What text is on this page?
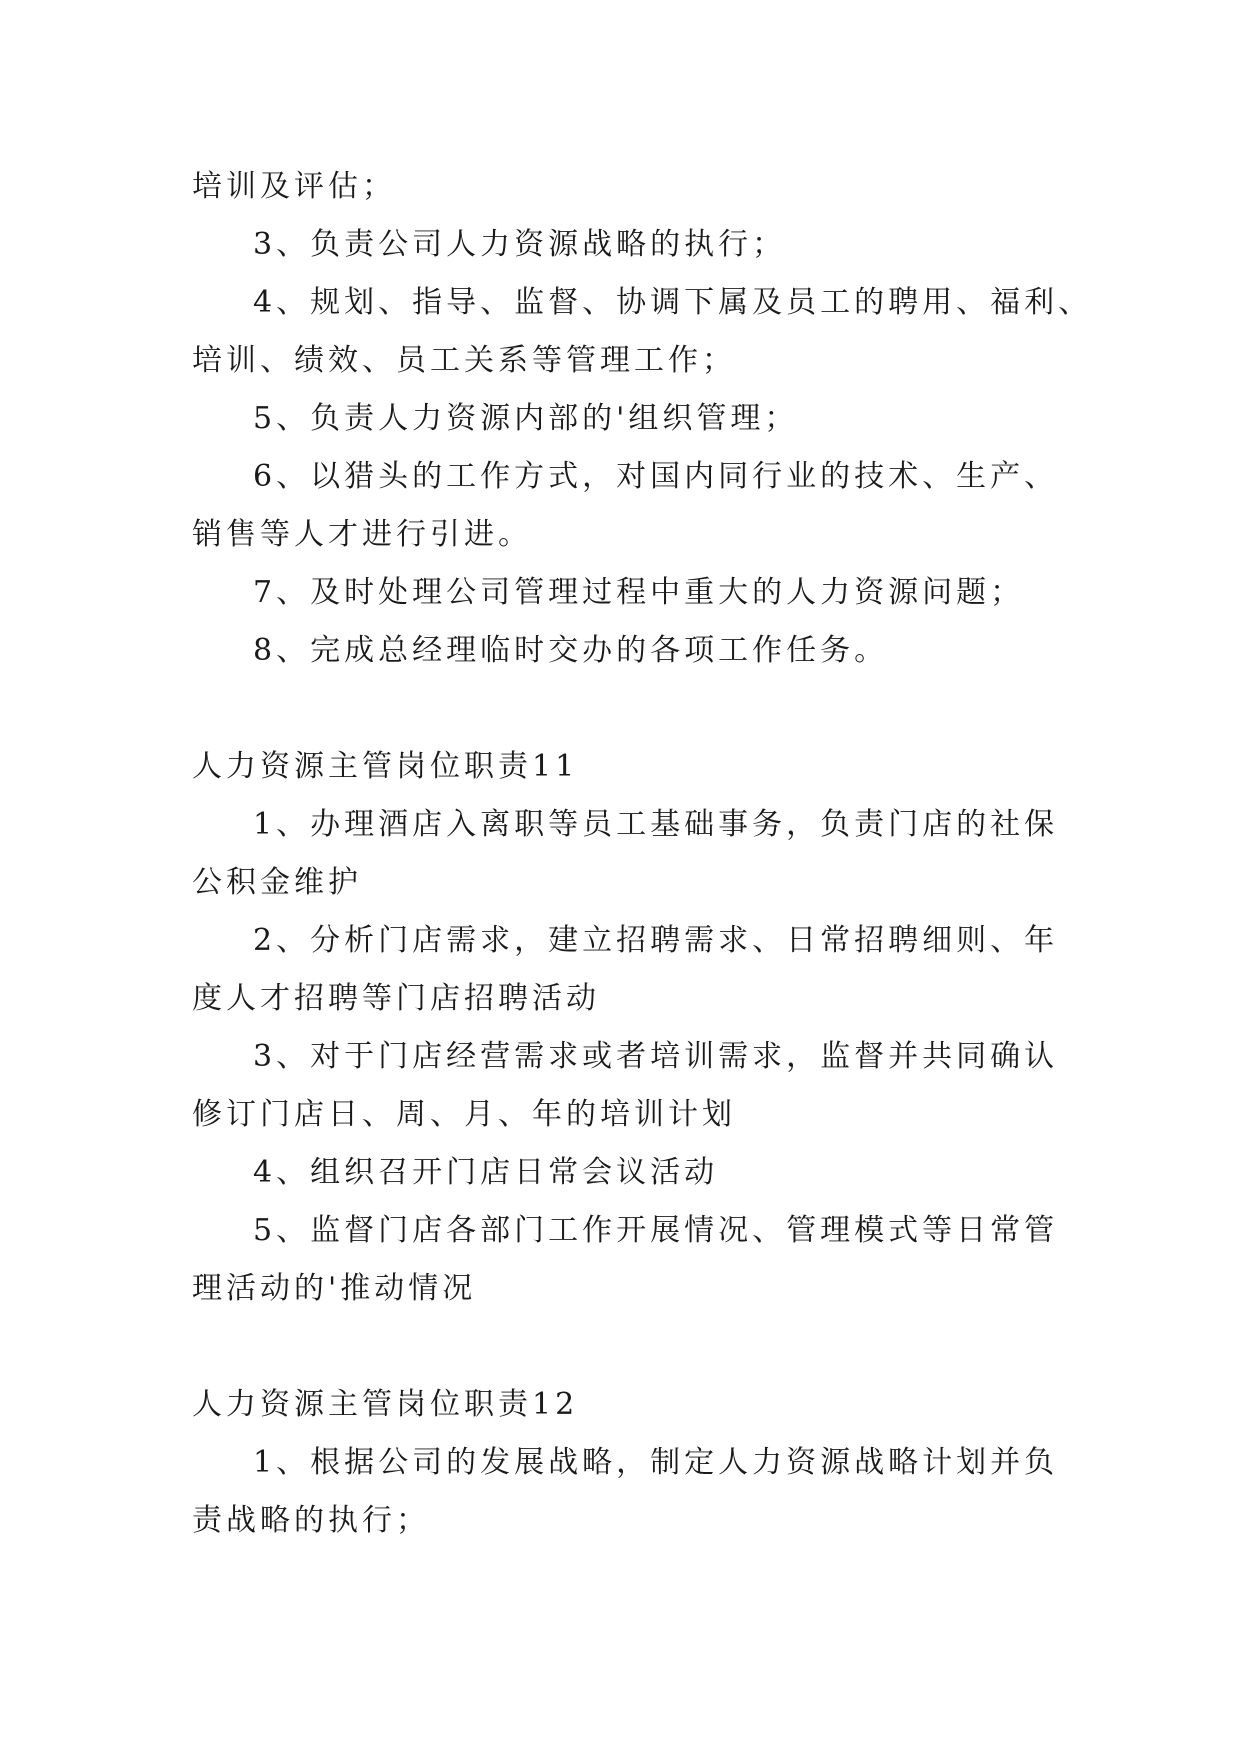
培训及评估；
3、负责公司人力资源战略的执行；
4、规划、指导、监督、协调下属及员工的聘用、福利、
培训、绩效、员工关系等管理工作；
5、负责人力资源内部的'组织管理；
6、以猎头的工作方式，对国内同行业的技术、生产、
销售等人才进行引进。
7、及时处理公司管理过程中重大的人力资源问题；
8、完成总经理临时交办的各项工作任务。
人力资源主管岗位职责11
1、办理酒店入离职等员工基础事务，负责门店的社保
公积金维护
2、分析门店需求，建立招聘需求、日常招聘细则、年
度人才招聘等门店招聘活动
3、对于门店经营需求或者培训需求，监督并共同确认
修订门店日、周、月、年的培训计划
4、组织召开门店日常会议活动
5、监督门店各部门工作开展情况、管理模式等日常管
理活动的'推动情况
人力资源主管岗位职责12
1、根据公司的发展战略，制定人力资源战略计划并负
责战略的执行；
